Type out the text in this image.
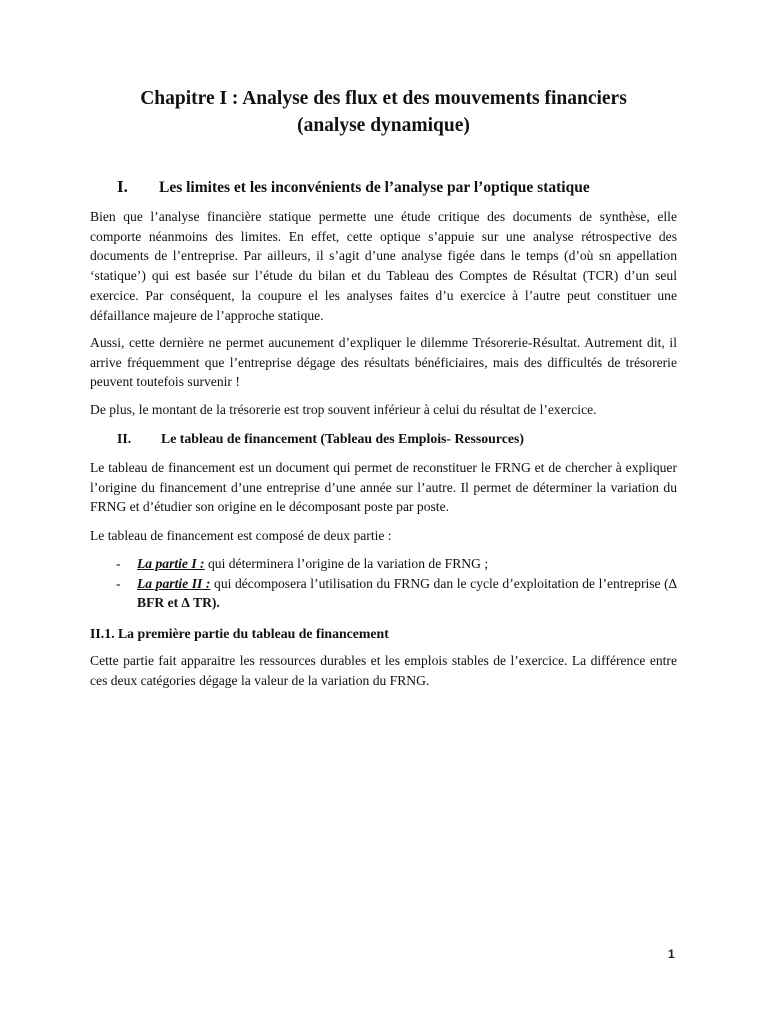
Chapitre I : Analyse des flux et des mouvements financiers
(analyse dynamique)
I. Les limites et les inconvénients de l’analyse par l’optique statique

Bien que l’analyse financière statique permette une étude critique des documents de synthèse, elle comporte néanmoins des limites. En effet, cette optique s’appuie sur une analyse rétrospective des documents de l’entreprise. Par ailleurs, il s’agit d’une analyse figée dans le temps (d’où sn appellation ‘statique’) qui est basée sur l’étude du bilan et du Tableau des Comptes de Résultat (TCR) d’un seul exercice. Par conséquent, la coupure el les analyses faites d’u exercice à l’autre peut constituer une défaillance majeure de l’approche statique.

Aussi, cette dernière ne permet aucunement d’expliquer le dilemme Trésorerie-Résultat. Autrement dit, il arrive fréquemment que l’entreprise dégage des résultats bénéficiaires, mais des difficultés de trésorerie peuvent toutefois survenir !

De plus, le montant de la trésorerie est trop souvent inférieur à celui du résultat de l’exercice.

II. Le tableau de financement (Tableau des Emplois- Ressources)

Le tableau de financement est un document qui permet de reconstituer le FRNG et de chercher à expliquer l’origine du financement d’une entreprise d’une année sur l’autre. Il permet de déterminer la variation du FRNG et d’étudier son origine en le décomposant poste par poste.

Le tableau de financement est composé de deux partie :

- La partie I : qui déterminera l’origine de la variation de FRNG ;
- La partie II : qui décomposera l’utilisation du FRNG dan le cycle d’exploitation de l’entreprise (∆ BFR et ∆ TR).
II.1. La première partie du tableau de financement

Cette partie fait apparaitre les ressources durables et les emplois stables de l’exercice. La différence entre ces deux catégories dégage la valeur de la variation du FRNG.

1
